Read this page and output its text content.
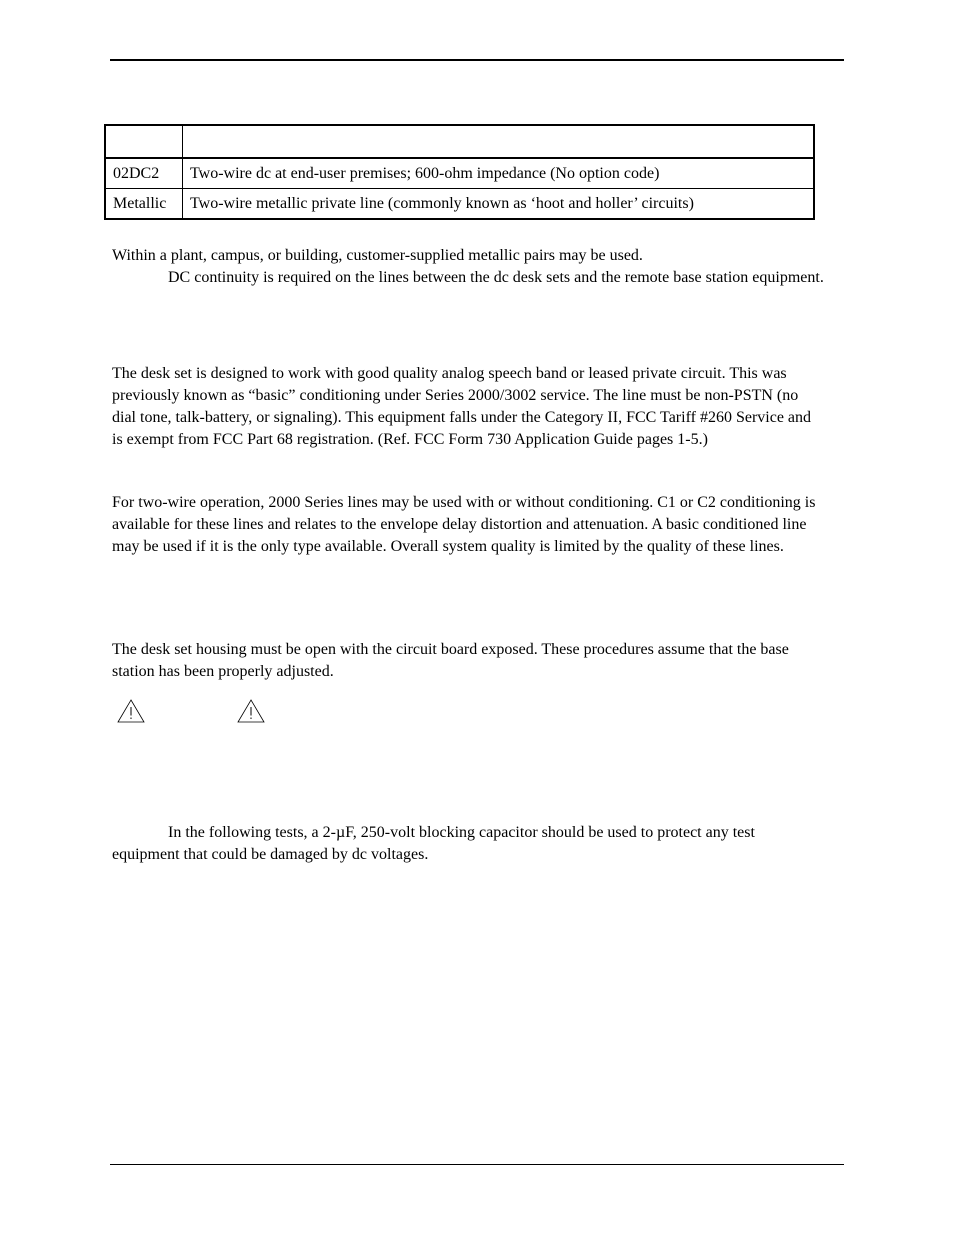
02DC2	Two-wire dc at end-user premises; 600-ohm impedance (No option code)
Metallic	Two-wire metallic private line (commonly known as ‘hoot and holler’ circuits)

Within a plant, campus, or building, customer-supplied metallic pairs may be used.

DC continuity is required on the lines between the dc desk sets and the remote base station equipment.

The desk set is designed to work with good quality analog speech band or leased private circuit. This was previously known as “basic” conditioning under Series 2000/3002 service. The line must be non-PSTN (no dial tone, talk-battery, or signaling). This equipment falls under the Category II, FCC Tariff #260 Service and is exempt from FCC Part 68 registration. (Ref. FCC Form 730 Application Guide pages 1-5.)

For two-wire operation, 2000 Series lines may be used with or without conditioning. C1 or C2 conditioning is available for these lines and relates to the envelope delay distortion and attenuation. A basic conditioned line may be used if it is the only type available. Overall system quality is limited by the quality of these lines.

The desk set housing must be open with the circuit board exposed. These procedures assume that the base station has been properly adjusted.

In the following tests, a 2-µF, 250-volt blocking capacitor should be used to protect any test equipment that could be damaged by dc voltages.
